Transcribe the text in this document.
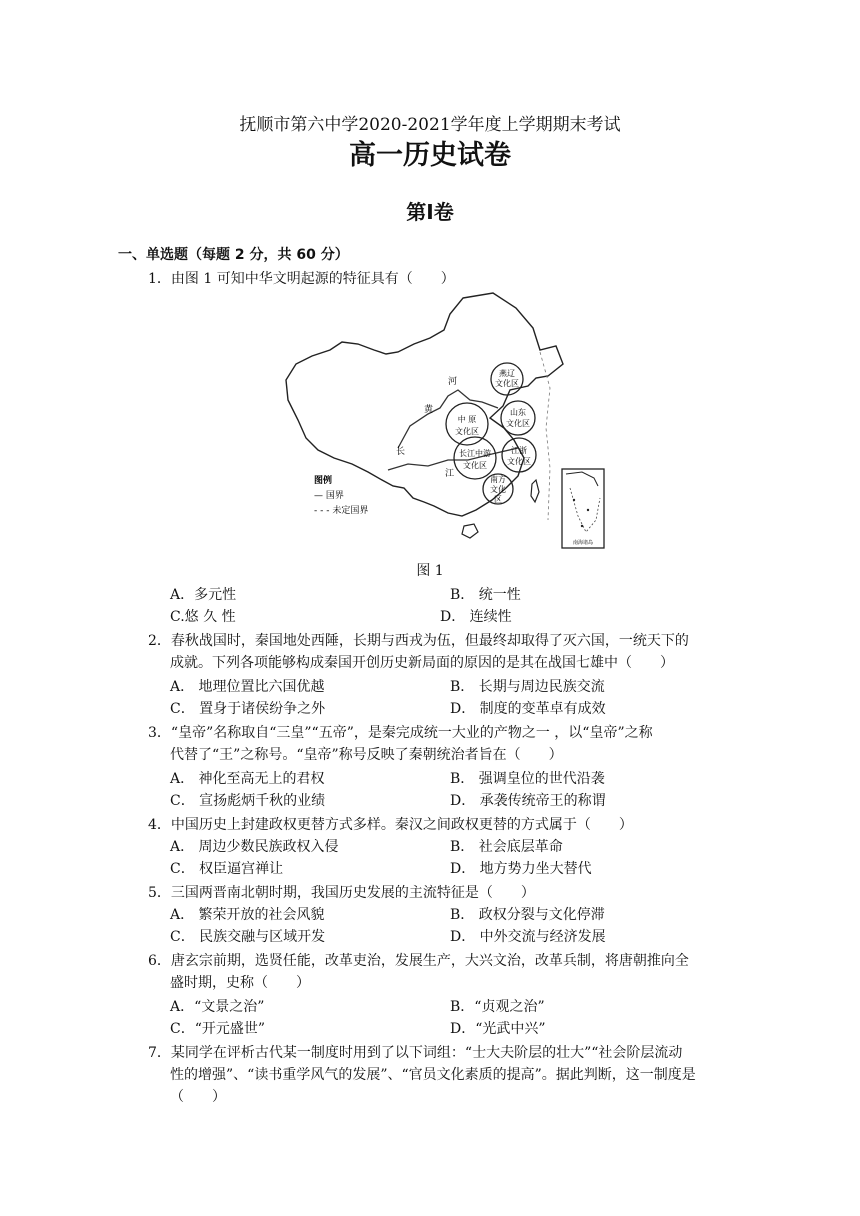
抚顺市第六中学2020-2021学年度上学期期末考试
高一历史试卷
第Ⅰ卷
一、单选题（每题 2 分，共 60 分）
1．由图 1 可知中华文明起源的特征具有（　　）
燕辽
文化区
中 原
文化区
山东
文化区
长江中游
文化区
江浙
文化区
南方
文化
区
河
黄
长
江
图例
— 国界
- - - 未定国界
南海诸岛
图 1
A．多元性	B． 统一性
C.悠 久 性	D． 连续性
2．春秋战国时，秦国地处西陲，长期与西戎为伍，但最终却取得了灭六国，一统天下的
成就。下列各项能够构成秦国开创历史新局面的原因的是其在战国七雄中（　　）
A． 地理位置比六国优越	B． 长期与周边民族交流
C． 置身于诸侯纷争之外	D． 制度的变革卓有成效
3．“皇帝”名称取自“三皇”“五帝”，是秦完成统一大业的产物之一 ，以“皇帝”之称
代替了“王”之称号。“皇帝”称号反映了秦朝统治者旨在（　　）
A． 神化至高无上的君权	B． 强调皇位的世代沿袭
C． 宣扬彪炳千秋的业绩	D． 承袭传统帝王的称谓
4．中国历史上封建政权更替方式多样。秦汉之间政权更替的方式属于（　　）
A． 周边少数民族政权入侵	B． 社会底层革命
C． 权臣逼宫禅让	D． 地方势力坐大替代
5．三国两晋南北朝时期，我国历史发展的主流特征是（　　）
A． 繁荣开放的社会风貌	B． 政权分裂与文化停滞
C． 民族交融与区域开发	D． 中外交流与经济发展
6．唐玄宗前期，选贤任能，改革吏治，发展生产，大兴文治，改革兵制，将唐朝推向全
盛时期，史称（　　）
A．“文景之治”	B．“贞观之治”
C．“开元盛世”	D．“光武中兴”
7．某同学在评析古代某一制度时用到了以下词组：“士大夫阶层的壮大”“社会阶层流动
性的增强”、“读书重学风气的发展”、“官员文化素质的提高”。据此判断，这一制度是
（　　）
